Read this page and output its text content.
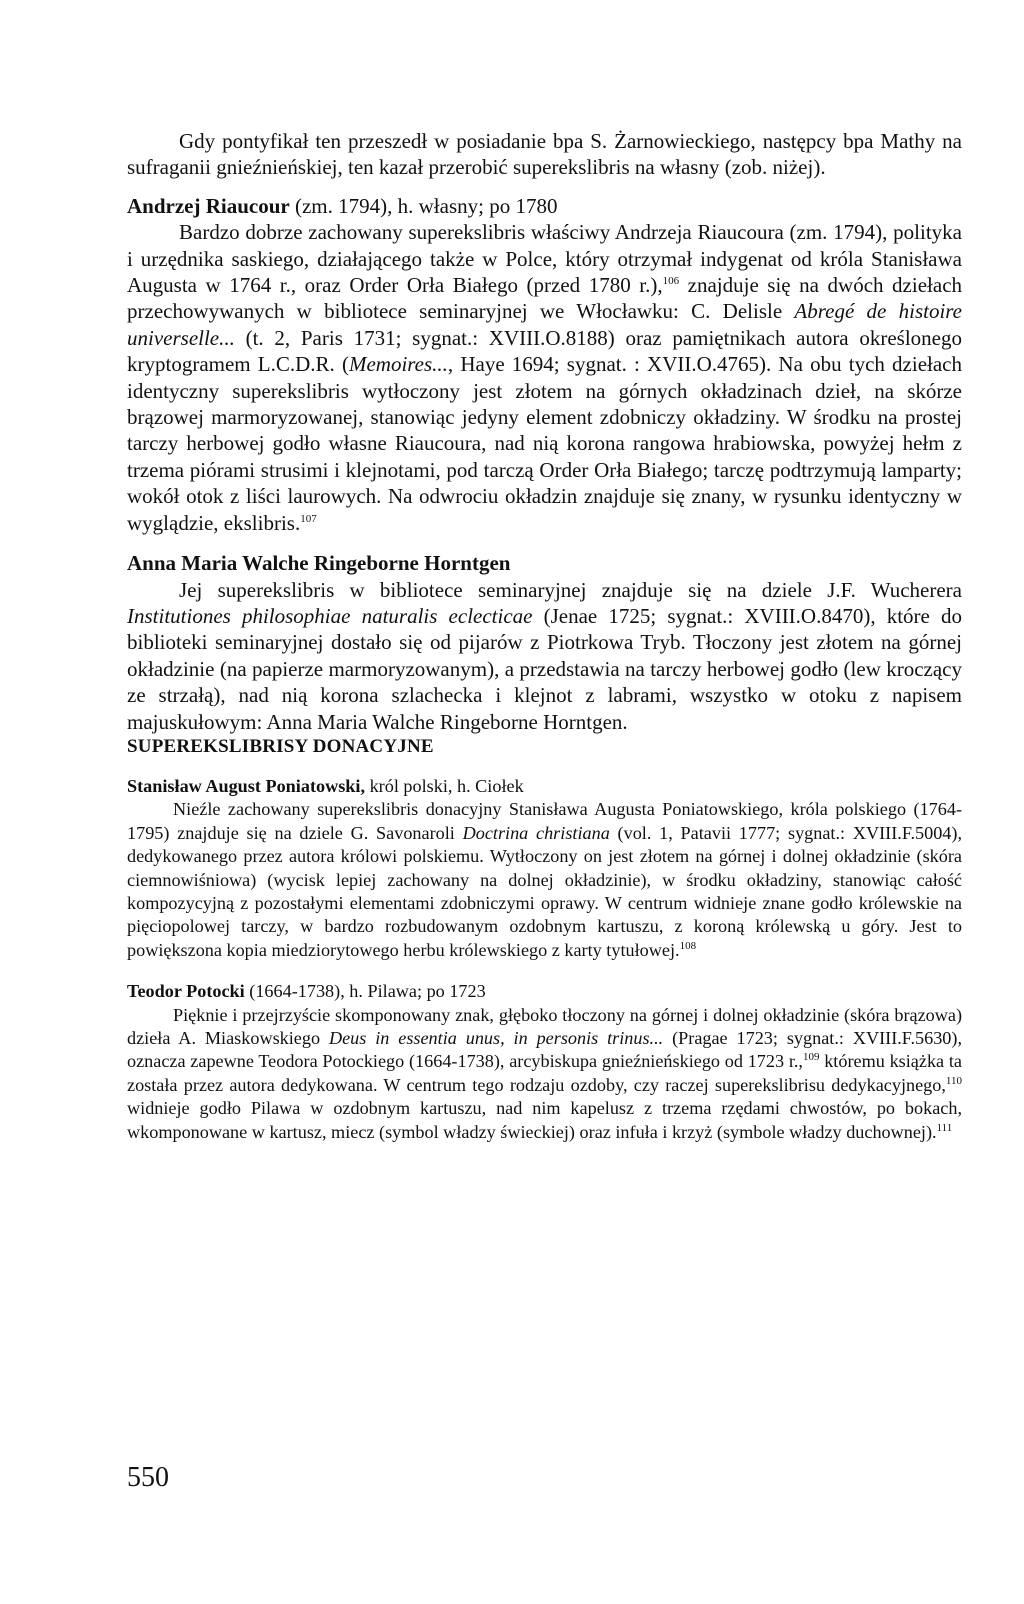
Gdy pontyfikał ten przeszedł w posiadanie bpa S. Żarnowieckiego, następcy bpa Mathy na sufraganii gnieźnieńskiej, ten kazał przerobić superekslibris na własny (zob. niżej).

Andrzej Riaucour (zm. 1794), h. własny; po 1780

Bardzo dobrze zachowany superekslibris właściwy Andrzeja Riaucoura (zm. 1794), polityka i urzędnika saskiego, działającego także w Polce, który otrzymał indygenat od króla Stanisława Augusta w 1764 r., oraz Order Orła Białego (przed 1780 r.),$^{106}$ znajduje się na dwóch dziełach przechowywanych w bibliotece seminaryjnej we Włocławku: C. Delisle Abregé de histoire universelle... (t. 2, Paris 1731; sygnat.: XVIII.O.8188) oraz pamiętnikach autora określonego kryptogramem L.C.D.R. (Memoires..., Haye 1694; sygnat. : XVII.O.4765). Na obu tych dziełach identyczny superekslibris wytłoczony jest złotem na górnych okładzinach dzieł, na skórze brązowej marmoryzowanej, stanowiąc jedyny element zdobniczy okładziny. W środku na prostej tarczy herbowej godło własne Riaucoura, nad nią korona rangowa hrabiowska, powyżej hełm z trzema piórami strusimi i klejnotami, pod tarczą Order Orła Białego; tarczę podtrzymują lamparty; wokół otok z liści laurowych. Na odwrociu okładzin znajduje się znany, w rysunku identyczny w wyglądzie, ekslibris.$^{107}$

Anna Maria Walche Ringeborne Horntgen

Jej superekslibris w bibliotece seminaryjnej znajduje się na dziele J.F. Wucherera Institutiones philosophiae naturalis eclecticae (Jenae 1725; sygnat.: XVIII.O.8470), które do biblioteki seminaryjnej dostało się od pijarów z Piotrkowa Tryb. Tłoczony jest złotem na górnej okładzinie (na papierze marmoryzowanym), a przedstawia na tarczy herbowej godło (lew kroczący ze strzałą), nad nią korona szlachecka i klejnot z labrami, wszystko w otoku z napisem majuskułowym: Anna Maria Walche Ringeborne Horntgen.

SUPEREKSLIBRISY DONACYJNE

Stanisław August Poniatowski, król polski, h. Ciołek

Nieźle zachowany superekslibris donacyjny Stanisława Augusta Poniatowskiego, króla polskiego (1764-1795) znajduje się na dziele G. Savonaroli Doctrina christiana (vol. 1, Patavii 1777; sygnat.: XVIII.F.5004), dedykowanego przez autora królowi polskiemu. Wytłoczony on jest złotem na górnej i dolnej okładzinie (skóra ciemnowiśniowa) (wycisk lepiej zachowany na dolnej okładzinie), w środku okładziny, stanowiąc całość kompozycyjną z pozostałymi elementami zdobniczymi oprawy. W centrum widnieje znane godło królewskie na pięciopolowej tarczy, w bardzo rozbudowanym ozdobnym kartuszu, z koroną królewską u góry. Jest to powiększona kopia miedziorytowego herbu królewskiego z karty tytułowej.$^{108}$

Teodor Potocki (1664-1738), h. Pilawa; po 1723

Pięknie i przejrzyście skomponowany znak, głęboko tłoczony na górnej i dolnej okładzinie (skóra brązowa) dzieła A. Miaskowskiego Deus in essentia unus, in personis trinus... (Pragae 1723; sygnat.: XVIII.F.5630), oznacza zapewne Teodora Potockiego (1664-1738), arcybiskupa gnieźnieńskiego od 1723 r.,$^{109}$ któremu książka ta została przez autora dedykowana. W centrum tego rodzaju ozdoby, czy raczej superekslibrisu dedykacyjnego,$^{110}$ widnieje godło Pilawa w ozdobnym kartuszu, nad nim kapelusz z trzema rzędami chwostów, po bokach, wkomponowane w kartusz, miecz (symbol władzy świeckiej) oraz infuła i krzyż (symbole władzy duchownej).$^{111}$

550
